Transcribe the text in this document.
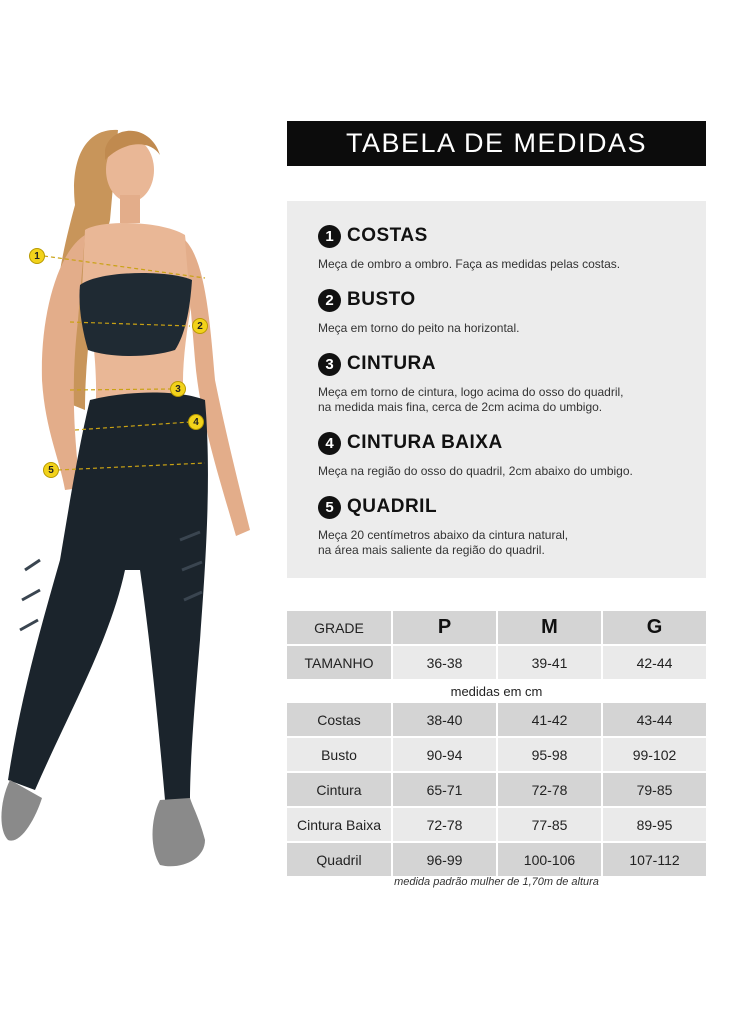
1
2
3
4
5
TABELA DE MEDIDAS
1 COSTAS
Meça de ombro a ombro. Faça as medidas pelas costas.
2 BUSTO
Meça em torno do peito na horizontal.
3 CINTURA
Meça em torno de cintura, logo acima do osso do quadril,
na medida mais fina, cerca de 2cm acima do umbigo.
4 CINTURA BAIXA
Meça na região do osso do quadril, 2cm abaixo do umbigo.
5 QUADRIL
Meça 20 centímetros abaixo da cintura natural,
na área mais saliente da região do quadril.
GRADE	P	M	G
TAMANHO	36-38	39-41	42-44
medidas em cm
Costas	38-40	41-42	43-44
Busto	90-94	95-98	99-102
Cintura	65-71	72-78	79-85
Cintura Baixa	72-78	77-85	89-95
Quadril	96-99	100-106	107-112
medida padrão mulher de 1,70m de altura
